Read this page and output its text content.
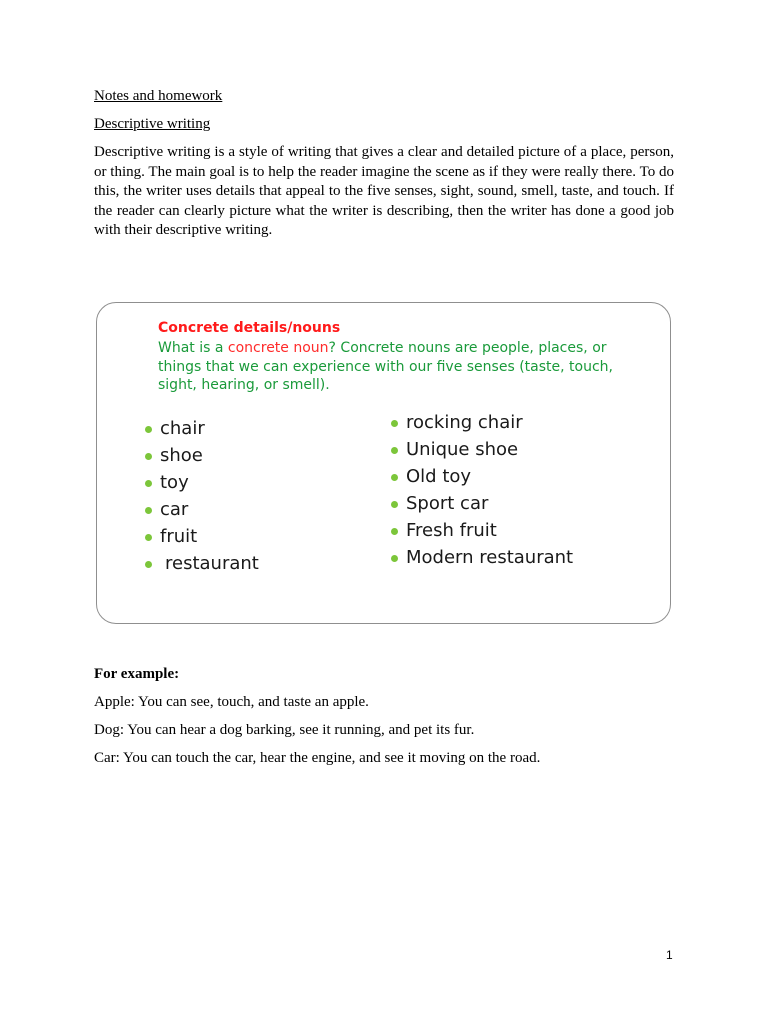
Notes and homework
Descriptive writing

Descriptive writing is a style of writing that gives a clear and detailed picture of a place, person, or thing. The main goal is to help the reader imagine the scene as if they were really there. To do this, the writer uses details that appeal to the five senses, sight, sound, smell, taste, and touch. If the reader can clearly picture what the writer is describing, then the writer has done a good job with their descriptive writing.

Concrete details/nouns

What is a concrete noun? Concrete nouns are people, places, or things that we can experience with our five senses (taste, touch, sight, hearing, or smell).

chair
shoe
toy
car
fruit
restaurant
rocking chair
Unique shoe
Old toy
Sport car
Fresh fruit
Modern restaurant
For example:
Apple: You can see, touch, and taste an apple.
Dog: You can hear a dog barking, see it running, and pet its fur.
Car: You can touch the car, hear the engine, and see it moving on the road.
1
